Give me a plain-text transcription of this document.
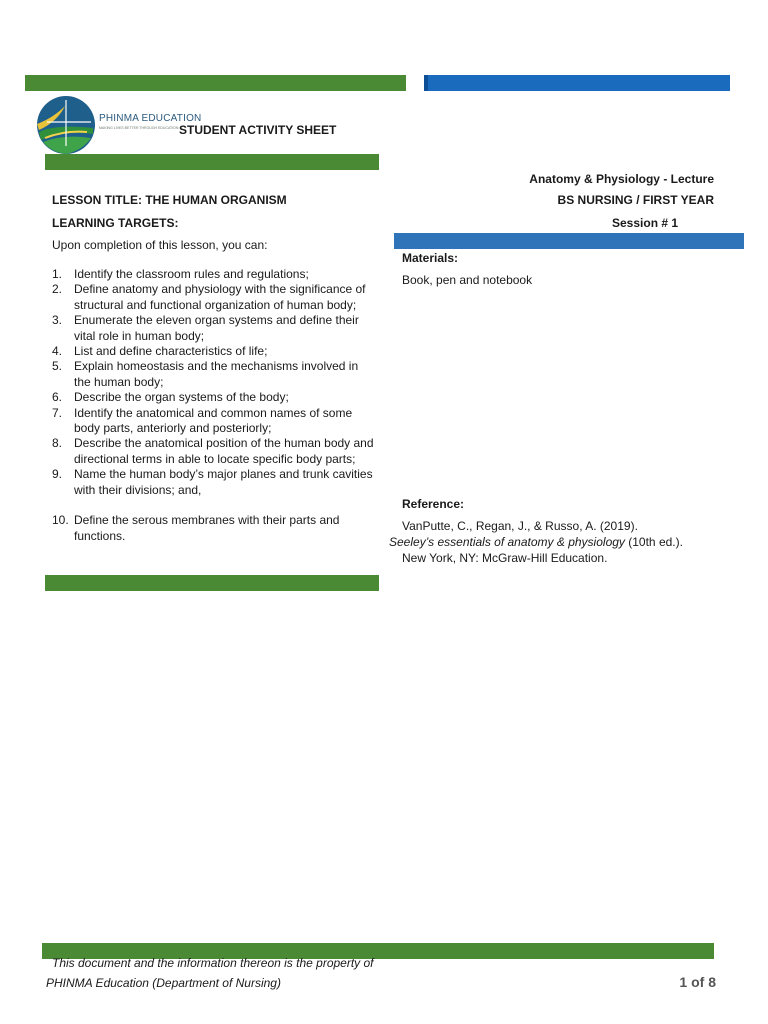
PHINMA EDUCATION
MAKING LIVES BETTER THROUGH EDUCATION STUDENT ACTIVITY SHEET
Anatomy & Physiology - Lecture
BS NURSING / FIRST YEAR
Session # 1
LESSON TITLE: THE HUMAN ORGANISM
LEARNING TARGETS:
Upon completion of this lesson, you can:
1. Identify the classroom rules and regulations;
2. Define anatomy and physiology with the significance of structural and functional organization of human body;
3. Enumerate the eleven organ systems and define their vital role in human body;
4. List and define characteristics of life;
5. Explain homeostasis and the mechanisms involved in the human body;
6. Describe the organ systems of the body;
7. Identify the anatomical and common names of some body parts, anteriorly and posteriorly;
8. Describe the anatomical position of the human body and directional terms in able to locate specific body parts;
9. Name the human body’s major planes and trunk cavities with their divisions; and,
10. Define the serous membranes with their parts and functions.
Materials:
Book, pen and notebook
Reference:
VanPutte, C., Regan, J., & Russo, A. (2019).
Seeley’s essentials of anatomy & physiology (10th ed.).
New York, NY: McGraw-Hill Education.
This document and the information thereon is the property of
PHINMA Education (Department of Nursing)	1 of 8
